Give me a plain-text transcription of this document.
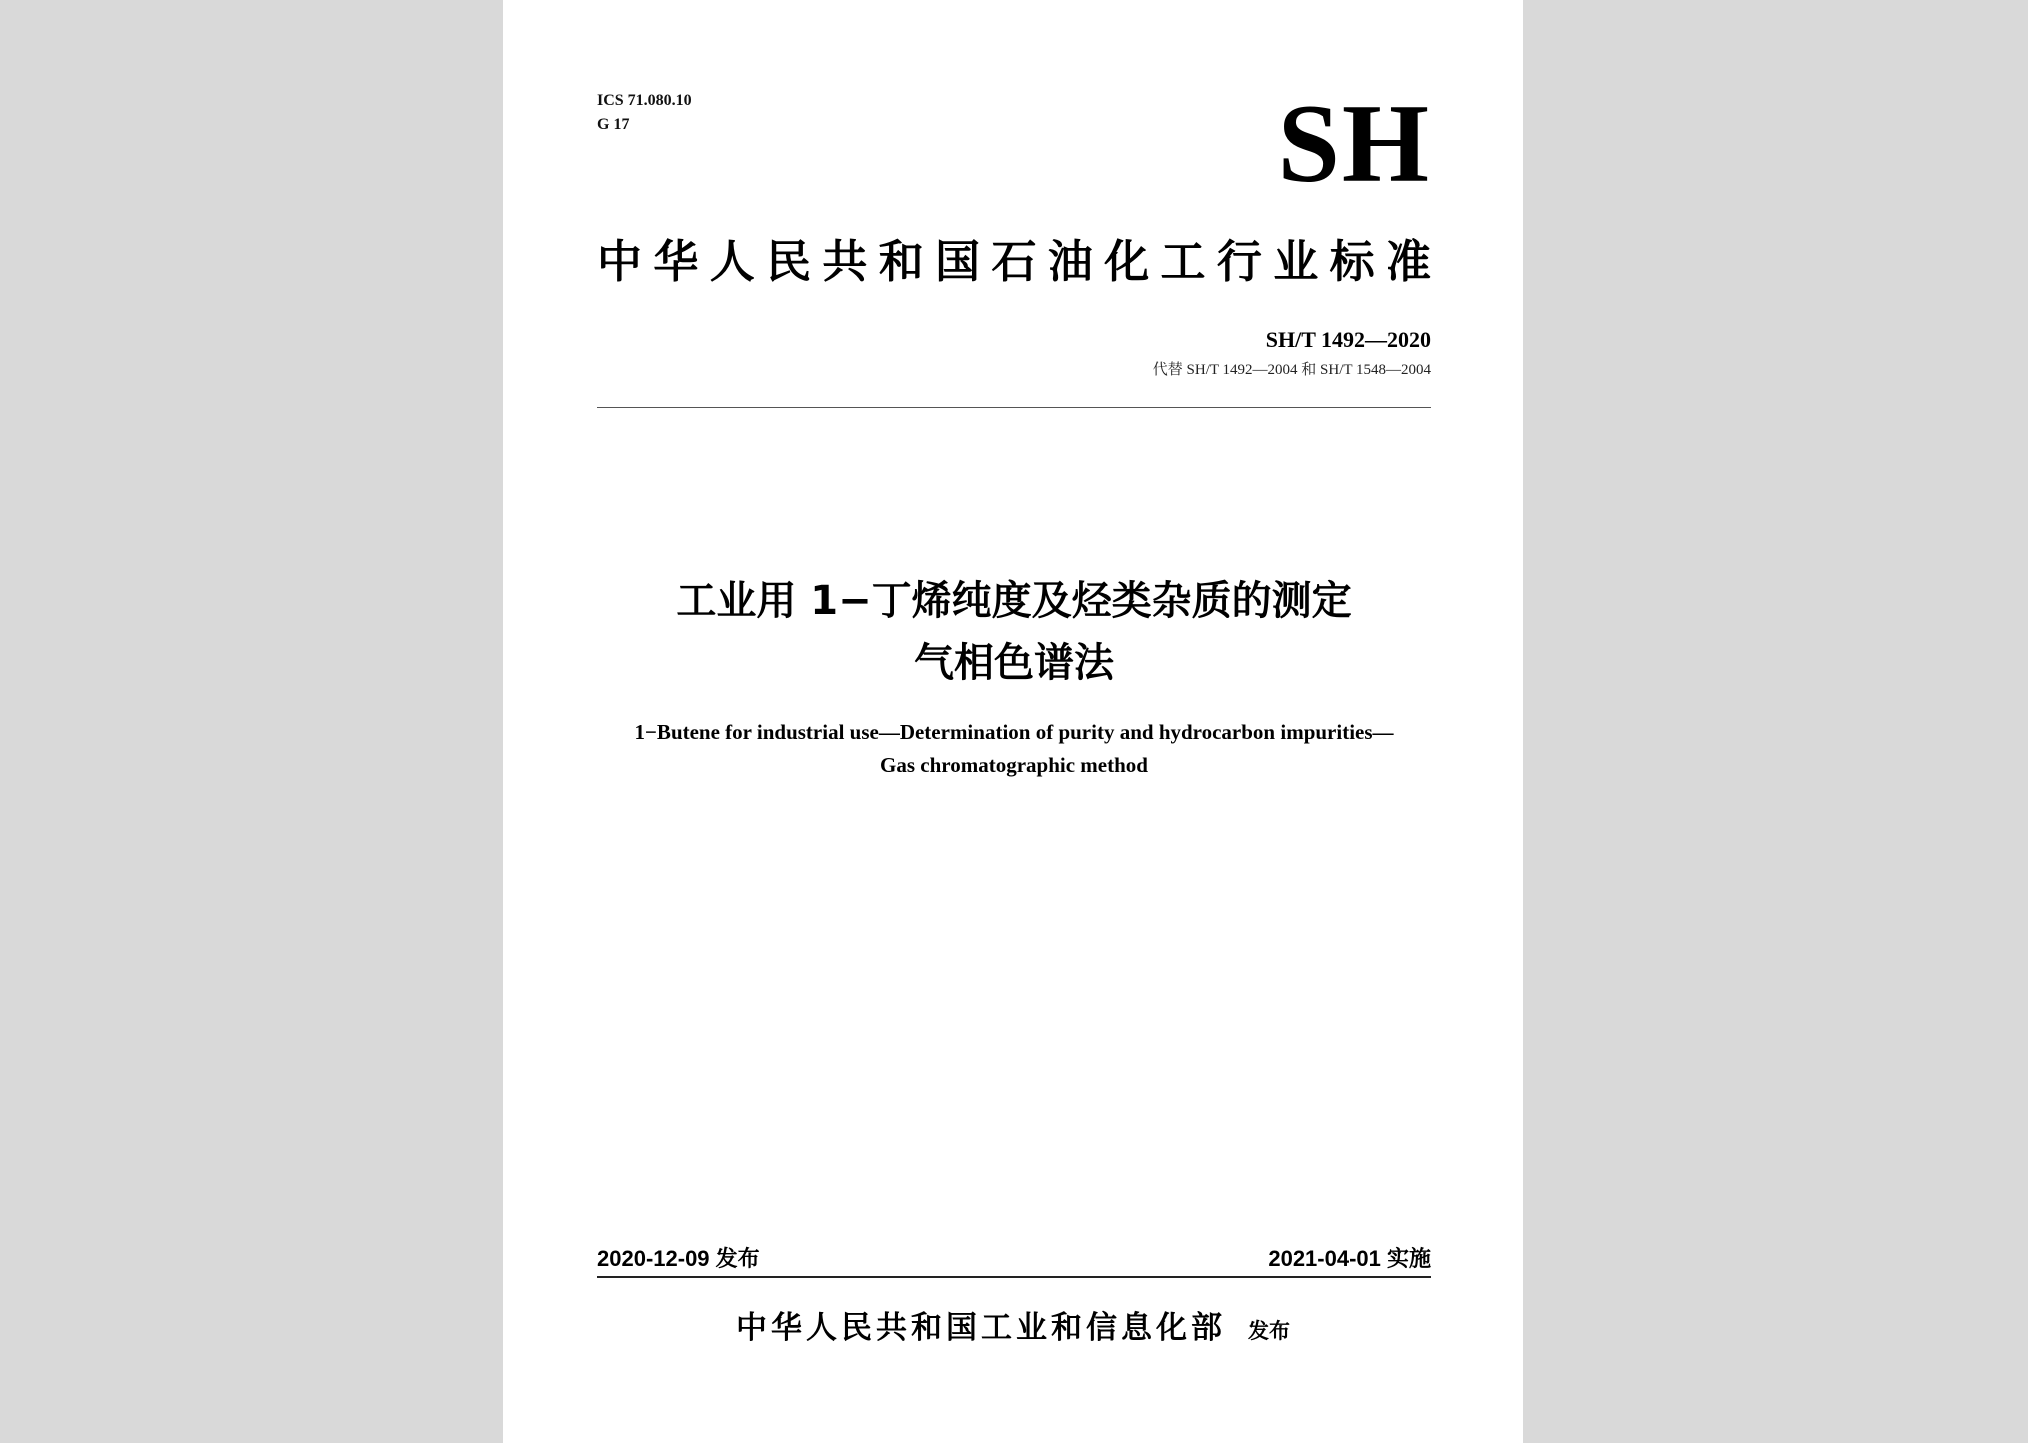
ICS 71.080.10
G 17	SH
中华人民共和国石油化工行业标准
SH/T 1492—2020
代替 SH/T 1492—2004 和 SH/T 1548—2004
工业用 1−丁烯纯度及烃类杂质的测定
气相色谱法
1−Butene for industrial use—Determination of purity and hydrocarbon impurities—
Gas chromatographic method
2020-12-09 发布	2021-04-01 实施
中华人民共和国工业和信息化部 发布
